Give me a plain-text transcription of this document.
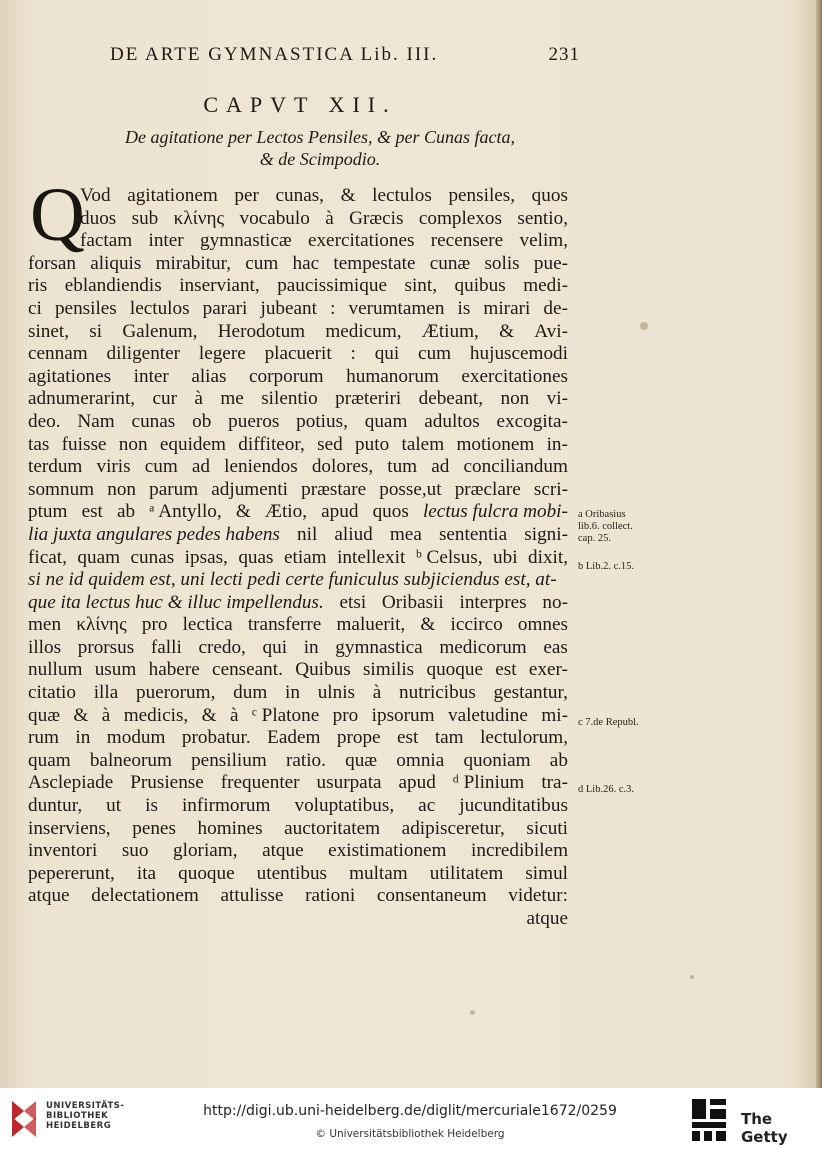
DE ARTE GYMNASTICA Lib. III.	231
CAPVT XII.
De agitatione per Lectos Pensiles, & per Cunas facta,
& de Scimpodio.
Q
Vod agitationem per cunas, & lectulos pensiles, quos
duos sub κλίνης vocabulo à Græcis complexos sentio,
factam inter gymnasticæ exercitationes recensere velim,
forsan aliquis mirabitur, cum hac tempestate cunæ solis pue-
ris eblandiendis inserviant, paucissimique sint, quibus medi-
ci pensiles lectulos parari jubeant : verumtamen is mirari de-
sinet, si Galenum, Herodotum medicum, Ætium, & Avi-
cennam diligenter legere placuerit : qui cum hujuscemodi
agitationes inter alias corporum humanorum exercitationes
adnumerarint, cur à me silentio præteriri debeant, non vi-
deo. Nam cunas ob pueros potius, quam adultos excogita-
tas fuisse non equidem diffiteor, sed puto talem motionem in-
terdum viris cum ad leniendos dolores, tum ad conciliandum
somnum non parum adjumenti præstare posse,ut præclare scri-
ptum est ab ᵃ Antyllo, & Ætio, apud quos lectus fulcra mobi-
lia juxta angulares pedes habens nil aliud mea sententia signi-
ficat, quam cunas ipsas, quas etiam intellexit ᵇ Celsus, ubi dixit,
si ne id quidem est, uni lecti pedi certe funiculus subjiciendus est, at-
que ita lectus huc & illuc impellendus. etsi Oribasii interpres no-
men κλίνης pro lectica transferre maluerit, & iccirco omnes
illos prorsus falli credo, qui in gymnastica medicorum eas
nullum usum habere censeant. Quibus similis quoque est exer-
citatio illa puerorum, dum in ulnis à nutricibus gestantur,
quæ & à medicis, & à ᶜ Platone pro ipsorum valetudine mi-
rum in modum probatur. Eadem prope est tam lectulorum,
quam balneorum pensilium ratio. quæ omnia quoniam ab
Asclepiade Prusiense frequenter usurpata apud ᵈ Plinium tra-
duntur, ut is infirmorum voluptatibus, ac jucunditatibus
inserviens, penes homines auctoritatem adipisceretur, sicuti
inventori suo gloriam, atque existimationem incredibilem
pepererunt, ita quoque utentibus multam utilitatem simul
atque delectationem attulisse rationi consentaneum videtur:
atque
a Oribasius
lib.6. collect.
cap. 25.
b Lib.2. c.15.
c 7.de Republ.
d Lib.26. c.3.
UNIVERSITÄTS-
BIBLIOTHEK
HEIDELBERG
http://digi.ub.uni-heidelberg.de/diglit/mercuriale1672/0259
© Universitätsbibliothek Heidelberg
The Getty
